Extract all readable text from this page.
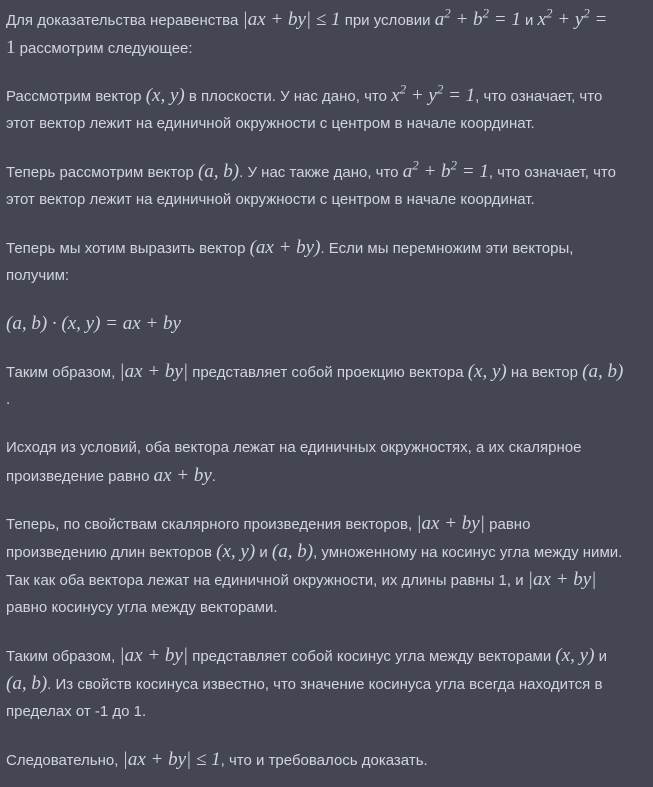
Для доказательства неравенства |ax + by| ≤ 1 при условии $a^2 + b^2 = 1$ и $x^2 + y^2$ =
1 рассмотрим следующее:
Рассмотрим вектор (x, y) в плоскости. У нас дано, что $x^2 + y^2 = 1$, что означает, что
этот вектор лежит на единичной окружности с центром в начале координат.
Теперь рассмотрим вектор (a, b). У нас также дано, что $a^2 + b^2 = 1$, что означает, что
этот вектор лежит на единичной окружности с центром в начале координат.
Теперь мы хотим выразить вектор (ax + by). Если мы перемножим эти векторы,
получим:
(a, b) · (x, y) = ax + by
Таким образом, |ax + by| представляет собой проекцию вектора (x, y) на вектор (a, b)
.
Исходя из условий, оба вектора лежат на единичных окружностях, а их скалярное
произведение равно ax + by.
Теперь, по свойствам скалярного произведения векторов, |ax + by| равно
произведению длин векторов (x, y) и (a, b), умноженному на косинус угла между ними.
Так как оба вектора лежат на единичной окружности, их длины равны 1, и |ax + by|
равно косинусу угла между векторами.
Таким образом, |ax + by| представляет собой косинус угла между векторами (x, y) и
(a, b). Из свойств косинуса известно, что значение косинуса угла всегда находится в
пределах от -1 до 1.
Следовательно, |ax + by| ≤ 1, что и требовалось доказать.
